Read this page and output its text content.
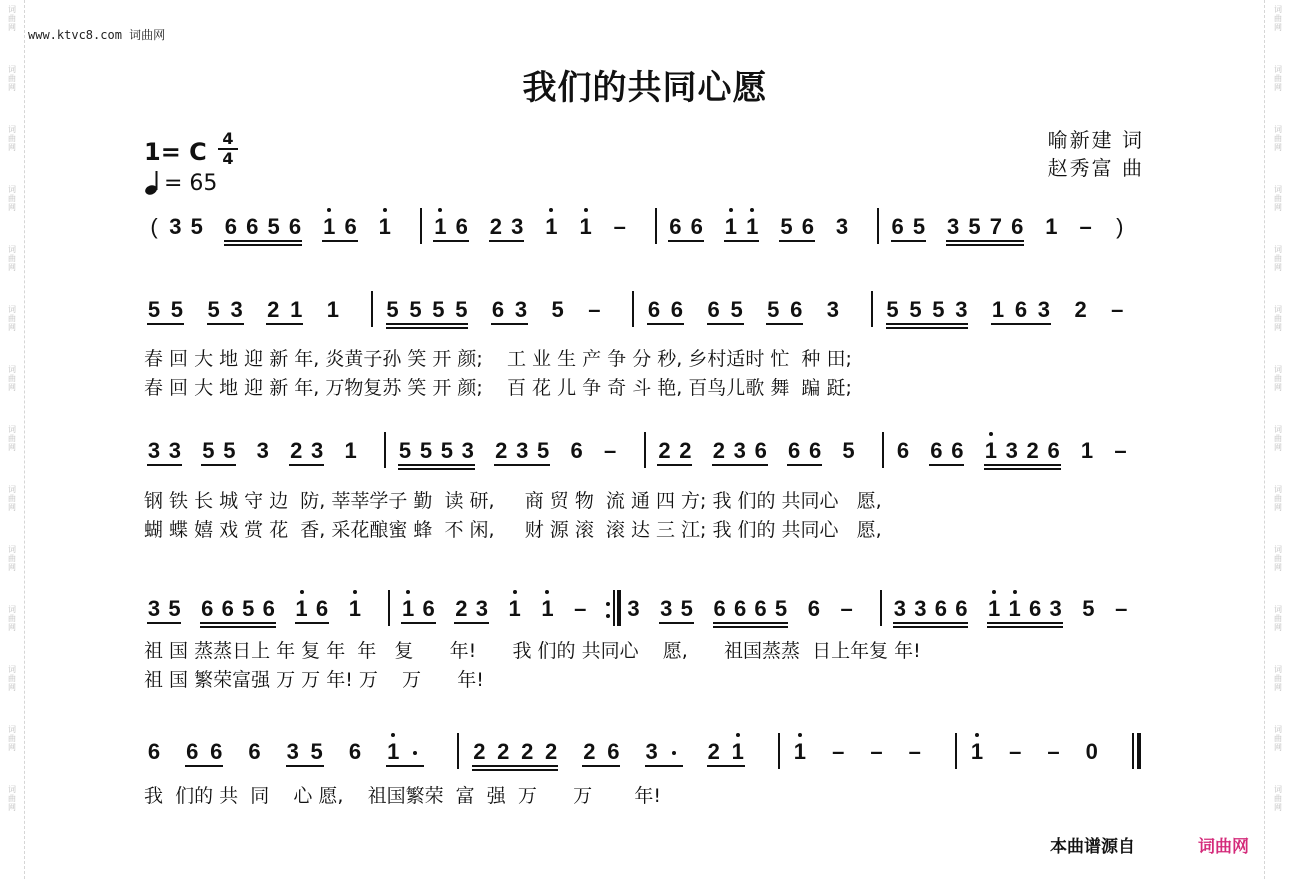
词
曲
网
词
曲
网
词
曲
网
词
曲
网
词
曲
网
词
曲
网
词
曲
网
词
曲
网
词
曲
网
词
曲
网
词
曲
网
词
曲
网
词
曲
网
词
曲
网
词
曲
网
词
曲
网
词
曲
网
词
曲
网
词
曲
网
词
曲
网
词
曲
网
词
曲
网
词
曲
网
词
曲
网
词
曲
网
词
曲
网
词
曲
网
词
曲
网
www.ktvc8.com 词曲网
我们的共同心愿
1= C 4
4
= 65
喻新建 词
赵秀富 曲
( 3 5 6 6 5 6 1 6 1 1 6 2 3 1 1 – 6 6 1 1 5 6 3 6 5 3 5 7 6 1 – )
5 5 5 3 2 1 1 5 5 5 5 6 3 5 – 6 6 6 5 5 6 3 5 5 5 3 1 6 3 2 –
3 3 5 5 3 2 3 1 5 5 5 3 2 3 5 6 – 2 2 2 3 6 6 6 5 6 6 6 1 3 2 6 1 –
3 5 6 6 5 6 1 6 1 1 6 2 3 1 1 – 3 3 5 6 6 6 5 6 – 3 3 6 6 1 1 6 3 5 –
6 6 6 6 3 5 6 1	2 2 2 2 2 6 3 2 1 1 – – – 1 – – 0
春 回 大 地 迎 新 年, 炎黄子孙 笑 开 颜;    工 业 生 产 争 分 秒, 乡村适时 忙  种 田;
春 回 大 地 迎 新 年, 万物复苏 笑 开 颜;    百 花 儿 争 奇 斗 艳, 百鸟儿歌 舞  蹁 跹;
钢 铁 长 城 守 边  防, 莘莘学子 勤  读 研,     商 贸 物  流 通 四 方; 我 们的 共同心   愿,
蝴 蝶 嬉 戏 赏 花  香, 采花酿蜜 蜂  不 闲,     财 源 滚  滚 达 三 江; 我 们的 共同心   愿,
祖 国 蒸蒸日上 年 复 年  年   复      年!      我 们的 共同心    愿,      祖国蒸蒸  日上年复 年!
祖 国 繁荣富强 万 万 年! 万    万      年!
我  们的 共  同    心 愿,    祖国繁荣  富  强  万      万       年!
本曲谱源自	词曲网
